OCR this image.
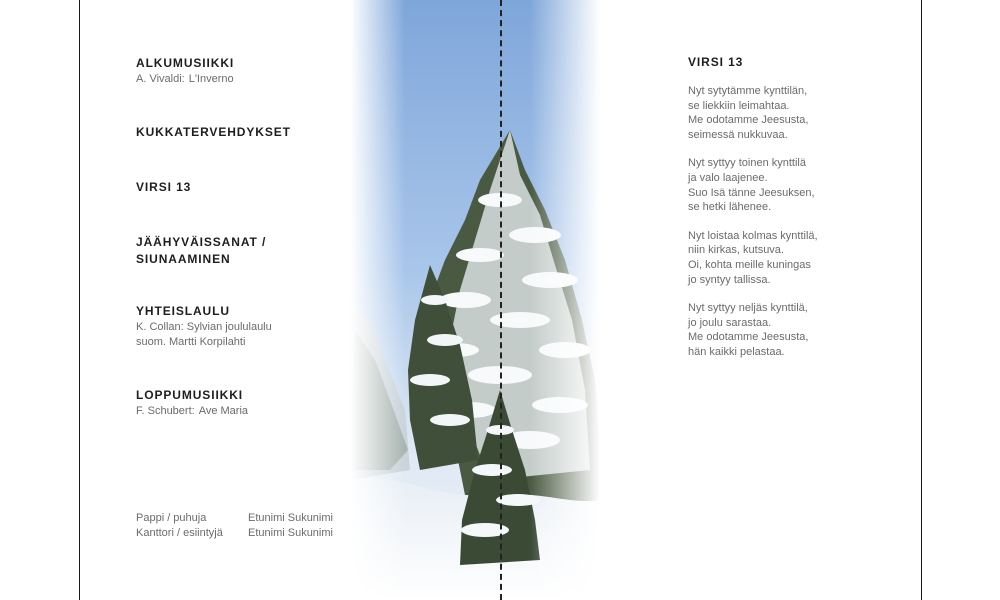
ALKUMUSIIKKI
A. Vivaldi: L'Inverno
KUKKATERVEHDYKSET
VIRSI 13
JÄÄHYVÄISSANAT /
SIUNAAMINEN
YHTEISLAULU
K. Collan: Sylvian joululaulu
suom. Martti Korpilahti
LOPPUMUSIIKKI
F. Schubert: Ave Maria
Pappi / puhuja	Etunimi Sukunimi
Kanttori / esiintyjä	Etunimi Sukunimi
VIRSI 13
Nyt sytytämme kynttilän,
se liekkiin leimahtaa.
Me odotamme Jeesusta,
seimessä nukkuvaa.
Nyt syttyy toinen kynttilä
ja valo laajenee.
Suo Isä tänne Jeesuksen,
se hetki lähenee.
Nyt loistaa kolmas kynttilä,
niin kirkas, kutsuva.
Oi, kohta meille kuningas
jo syntyy tallissa.
Nyt syttyy neljäs kynttilä,
jo joulu sarastaa.
Me odotamme Jeesusta,
hän kaikki pelastaa.
